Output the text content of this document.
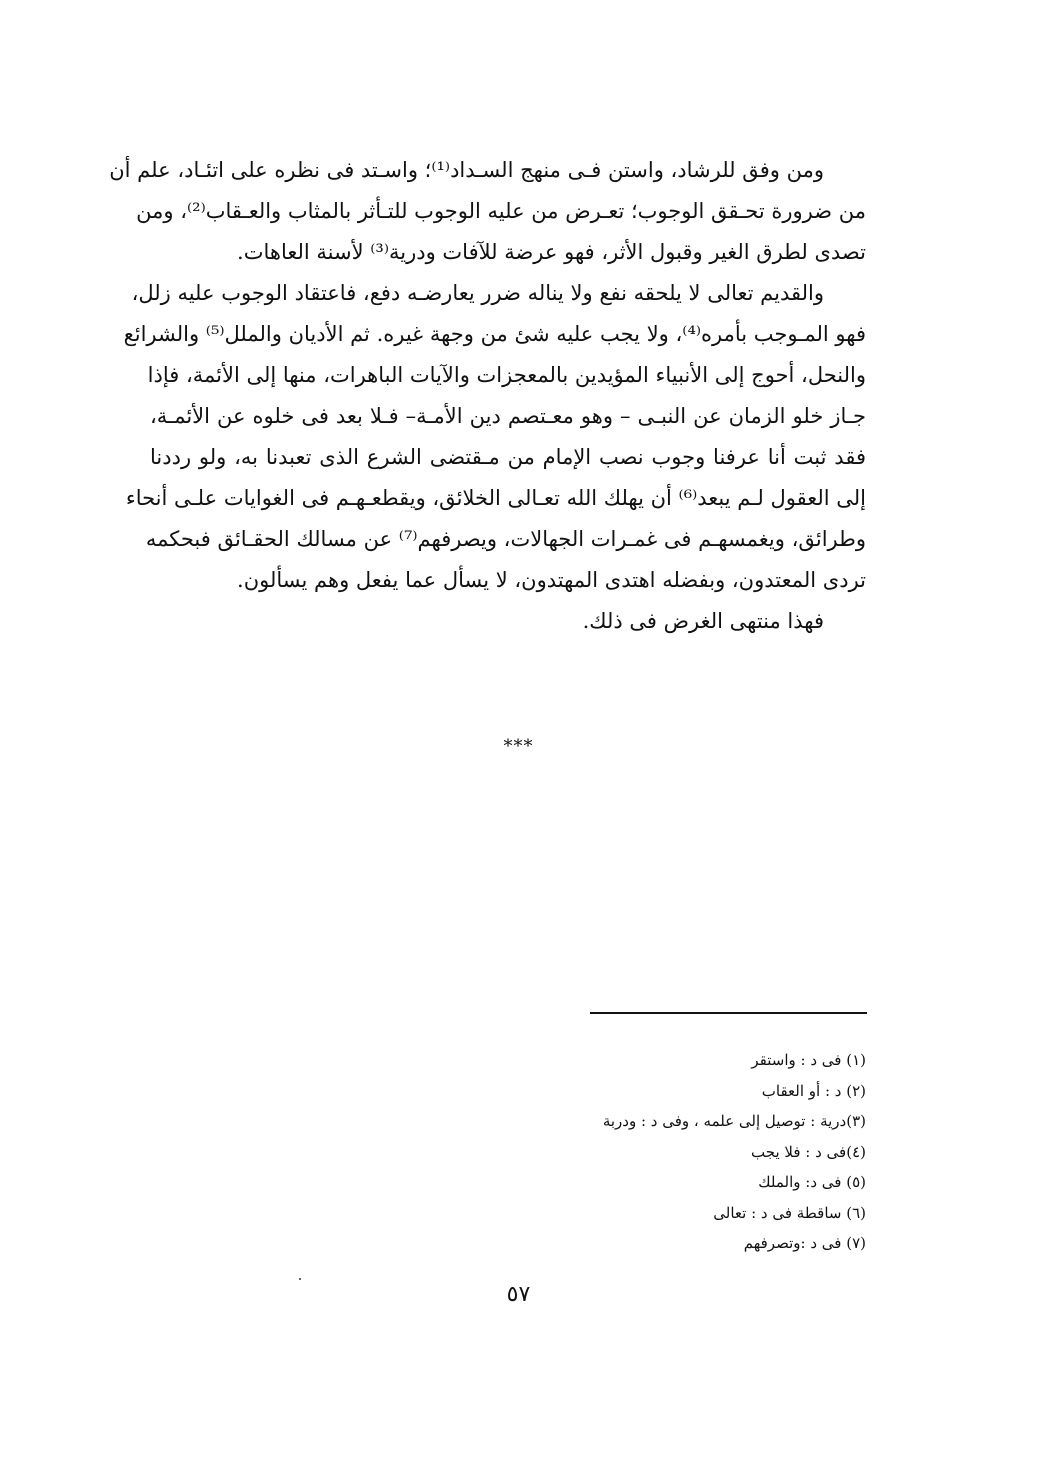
ومن وفق للرشاد، واستن فـى منهج السـداد⁽¹⁾؛ واسـتد فى نظره على اتئـاد، علم أن
من ضرورة تحـقق الوجوب؛ تعـرض من عليه الوجوب للتـأثر بالمثاب والعـقاب⁽²⁾، ومن
تصدى لطرق الغير وقبول الأثر، فهو عرضة للآفات ودرية⁽³⁾ لأسنة العاهات.
والقديم تعالى لا يلحقه نفع ولا يناله ضرر يعارضـه دفع، فاعتقاد الوجوب عليه زلل،
فهو المـوجب بأمره⁽⁴⁾، ولا يجب عليه شئ من وجهة غيره. ثم الأديان والملل⁽⁵⁾ والشرائع
والنحل، أحوج إلى الأنبياء المؤيدين بالمعجزات والآيات الباهرات، منها إلى الأئمة، فإذا
جـاز خلو الزمان عن النبـى – وهو معـتصم دين الأمـة– فـلا بعد فى خلوه عن الأئمـة،
فقد ثبت أنا عرفنا وجوب نصب الإمام من مـقتضى الشرع الذى تعبدنا به، ولو رددنا
إلى العقول لـم يبعد⁽⁶⁾ أن يهلك الله تعـالى الخلائق، ويقطعـهـم فى الغوايات علـى أنحاء
وطرائق، ويغمسهـم فى غمـرات الجهالات، ويصرفهم⁽⁷⁾ عن مسالك الحقـائق فبحكمه
تردى المعتدون، وبفضله اهتدى المهتدون، لا يسأل عما يفعل وهم يسألون.
فهذا منتهى الغرض فى ذلك.
***
(١) فى د : واستقر
(٢) د : أو العقاب
(٣)درية : توصيل إلى علمه ، وفى د : ودربة
(٤)فى د : فلا يجب
(٥) فى د: والملك
(٦) ساقطة فى د : تعالى
(٧) فى د :وتصرفهم
٥٧
